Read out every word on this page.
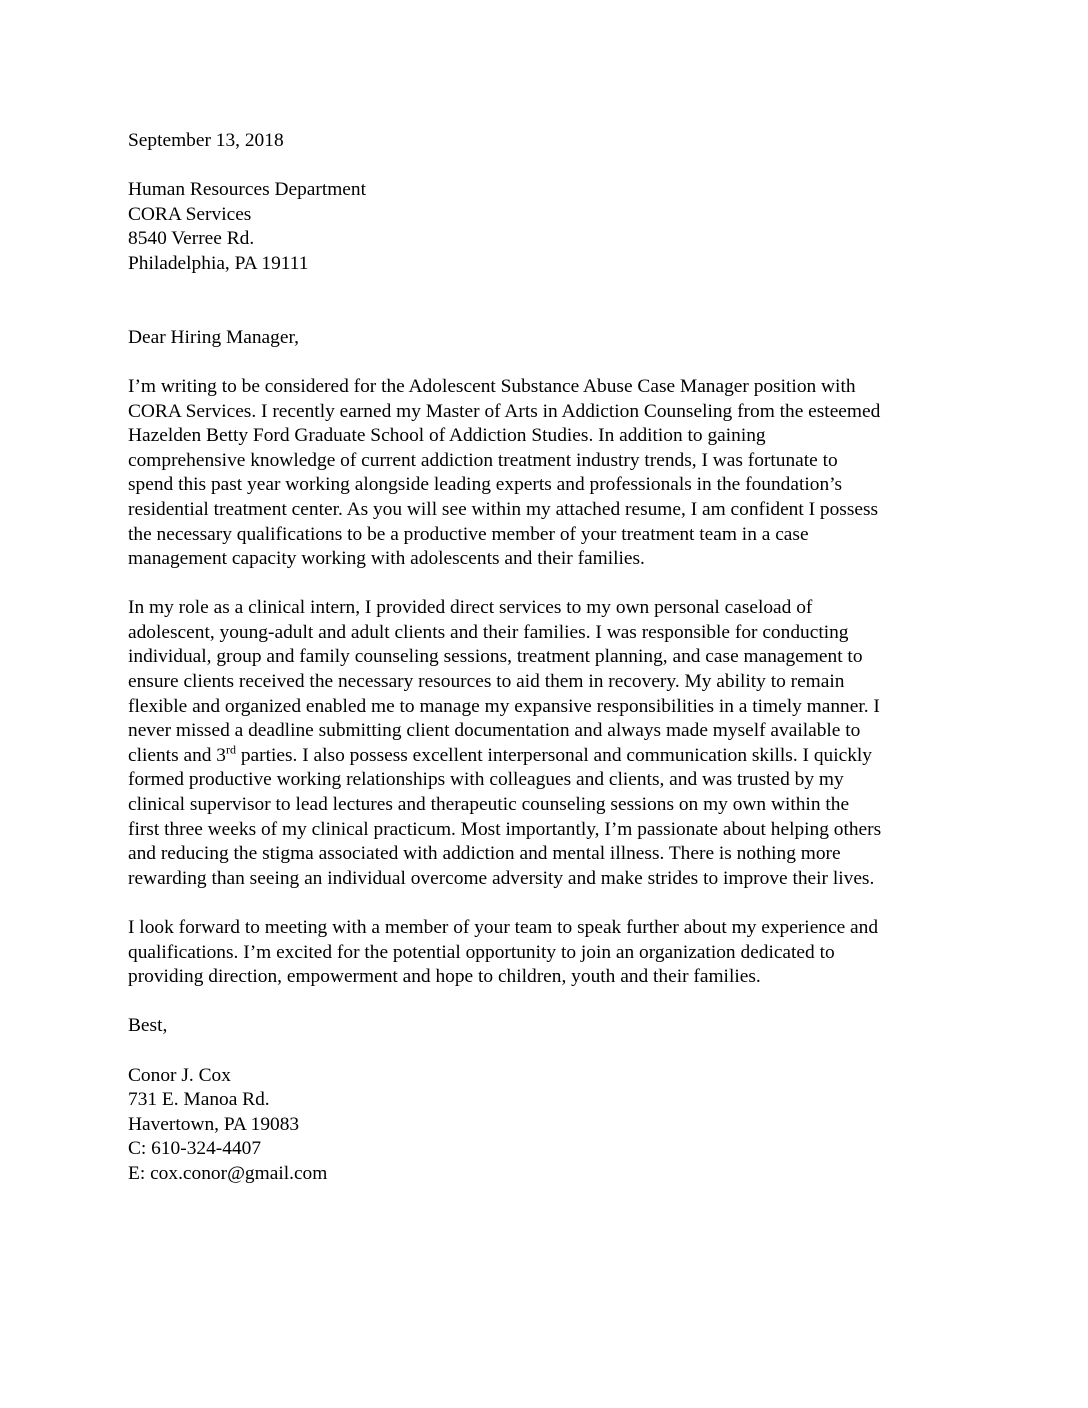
September 13, 2018
Human Resources Department
CORA Services
8540 Verree Rd.
Philadelphia, PA 19111
Dear Hiring Manager,
I’m writing to be considered for the Adolescent Substance Abuse Case Manager position with
CORA Services. I recently earned my Master of Arts in Addiction Counseling from the esteemed
Hazelden Betty Ford Graduate School of Addiction Studies. In addition to gaining
comprehensive knowledge of current addiction treatment industry trends, I was fortunate to
spend this past year working alongside leading experts and professionals in the foundation’s
residential treatment center. As you will see within my attached resume, I am confident I possess
the necessary qualifications to be a productive member of your treatment team in a case
management capacity working with adolescents and their families.
In my role as a clinical intern, I provided direct services to my own personal caseload of
adolescent, young-adult and adult clients and their families. I was responsible for conducting
individual, group and family counseling sessions, treatment planning, and case management to
ensure clients received the necessary resources to aid them in recovery. My ability to remain
flexible and organized enabled me to manage my expansive responsibilities in a timely manner. I
never missed a deadline submitting client documentation and always made myself available to
clients and 3rd parties. I also possess excellent interpersonal and communication skills. I quickly
formed productive working relationships with colleagues and clients, and was trusted by my
clinical supervisor to lead lectures and therapeutic counseling sessions on my own within the
first three weeks of my clinical practicum. Most importantly, I’m passionate about helping others
and reducing the stigma associated with addiction and mental illness. There is nothing more
rewarding than seeing an individual overcome adversity and make strides to improve their lives.
I look forward to meeting with a member of your team to speak further about my experience and
qualifications. I’m excited for the potential opportunity to join an organization dedicated to
providing direction, empowerment and hope to children, youth and their families.
Best,
Conor J. Cox
731 E. Manoa Rd.
Havertown, PA 19083
C: 610-324-4407
E: cox.conor@gmail.com
